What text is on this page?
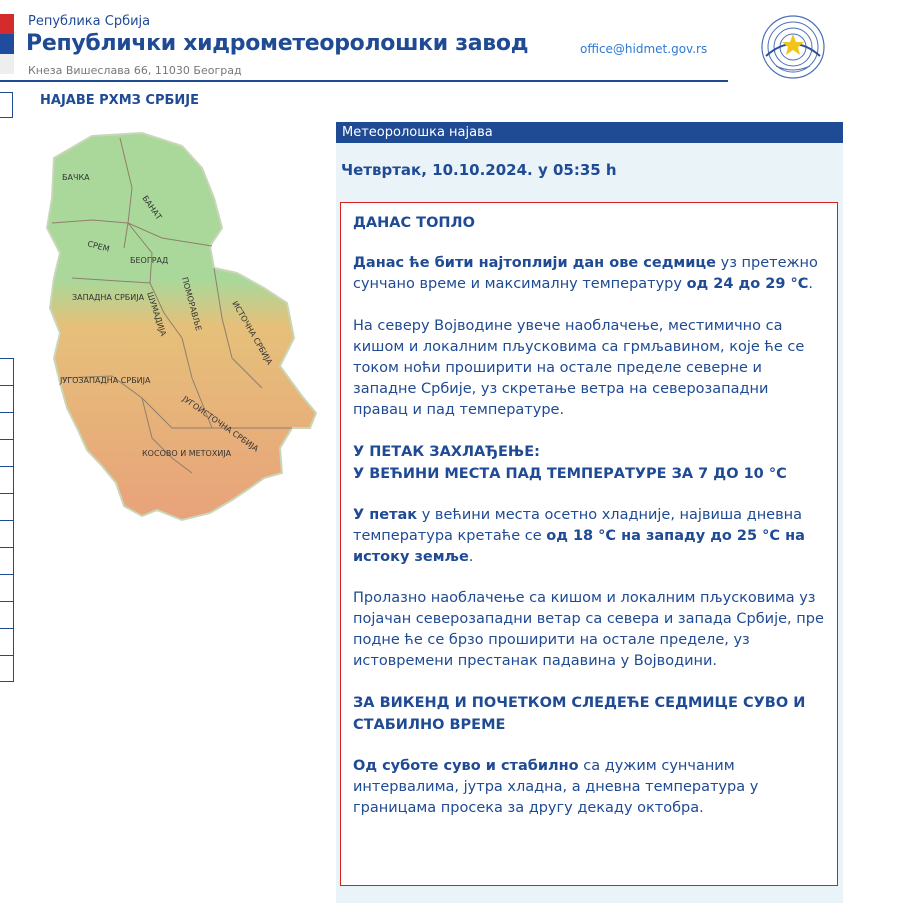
Република Србија
Републички хидрометеоролошки завод
Кнеза Вишеслава 66, 11030 Београд
office@hidmet.gov.rs
НАЈАВЕ РХМЗ СРБИЈЕ
БАЧКА
БАНАТ
СРЕМ
БЕОГРАД
ЗАПАДНА СРБИЈА	ПОМОРАВЉЕ	ИСТОЧНА СРБИЈА
ШУМАДИЈА
ЈУГОЗАПАДНА СРБИЈА
ЈУГОИСТОЧНА СРБИЈА
КОСОВО И МЕТОХИЈА
Метеоролошка најава
Четвртак, 10.10.2024. у 05:35 h

ДАНАС ТОПЛО

Данас ће бити најтоплији дан ове седмице уз претежно сунчано време и максималну температуру од 24 до 29 °C.

На северу Војводине увече наоблачење, местимично са кишом и локалним пљусковима са грмљавином, које ће се током ноћи проширити на остале пределе северне и западне Србије, уз скретање ветра на северозападни правац и пад температуре.

У ПЕТАК ЗАХЛАЂЕЊЕ:

У ВЕЋИНИ МЕСТА ПАД ТЕМПЕРАТУРЕ ЗА 7 ДО 10 °C

У петак у већини места осетно хладније, највиша дневна температура кретаће се од 18 °C на западу до 25 °C на истоку земље.

Пролазно наоблачење са кишом и локалним пљусковима уз појачан северозападни ветар са севера и запада Србије, пре подне ће се брзо проширити на остале пределе, уз истовремени престанак падавина у Војводини.

ЗА ВИКЕНД И ПОЧЕТКОМ СЛЕДЕЋЕ СЕДМИЦЕ СУВО И СТАБИЛНО ВРЕМЕ

Од суботе суво и стабилно са дужим сунчаним интервалима, јутра хладна, а дневна температура у границама просека за другу декаду октобра.
